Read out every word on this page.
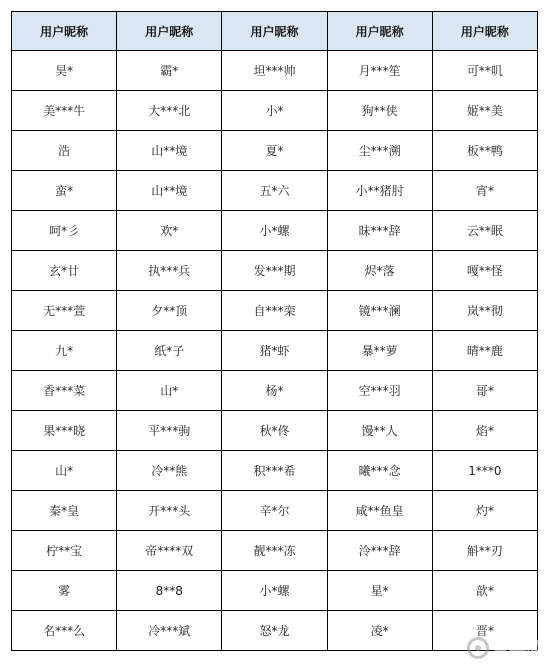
用户昵称	用户昵称	用户昵称	用户昵称	用户昵称
昊*	霸*	坦***帅	月***笙	可**叽
美***牛	大***北	小*	狗**侠	姬**美
浩	山**境	夏*	尘***溯	板**鸭
蛮*	山**境	五*六	小**猪肘	宵*
呵*彡	欢*	小*螺	昧***辞	云**眠
玄*廿	执***兵	发***期	烬*落	嘎**怪
无***萱	夕**顶	自***栾	镜***澜	岚**彻
九*	纸*子	猪*虾	暴**萝	晴**鹿
香***菜	山*	杨*	空***羽	哥*
果***晓	平***驹	秋*佟	馒**人	焰*
山*	冷**熊	积***希	曦***念	1***0
秦*皇	开***头	辛*尔	咸**鱼皇	灼*
柠**宝	帝****双	靓***冻	泠***辞	斛**刃
雾	8**8	小*螺	星*	歆*
名***么	冷***斌	怒*龙	凌*	晋*
百手游
